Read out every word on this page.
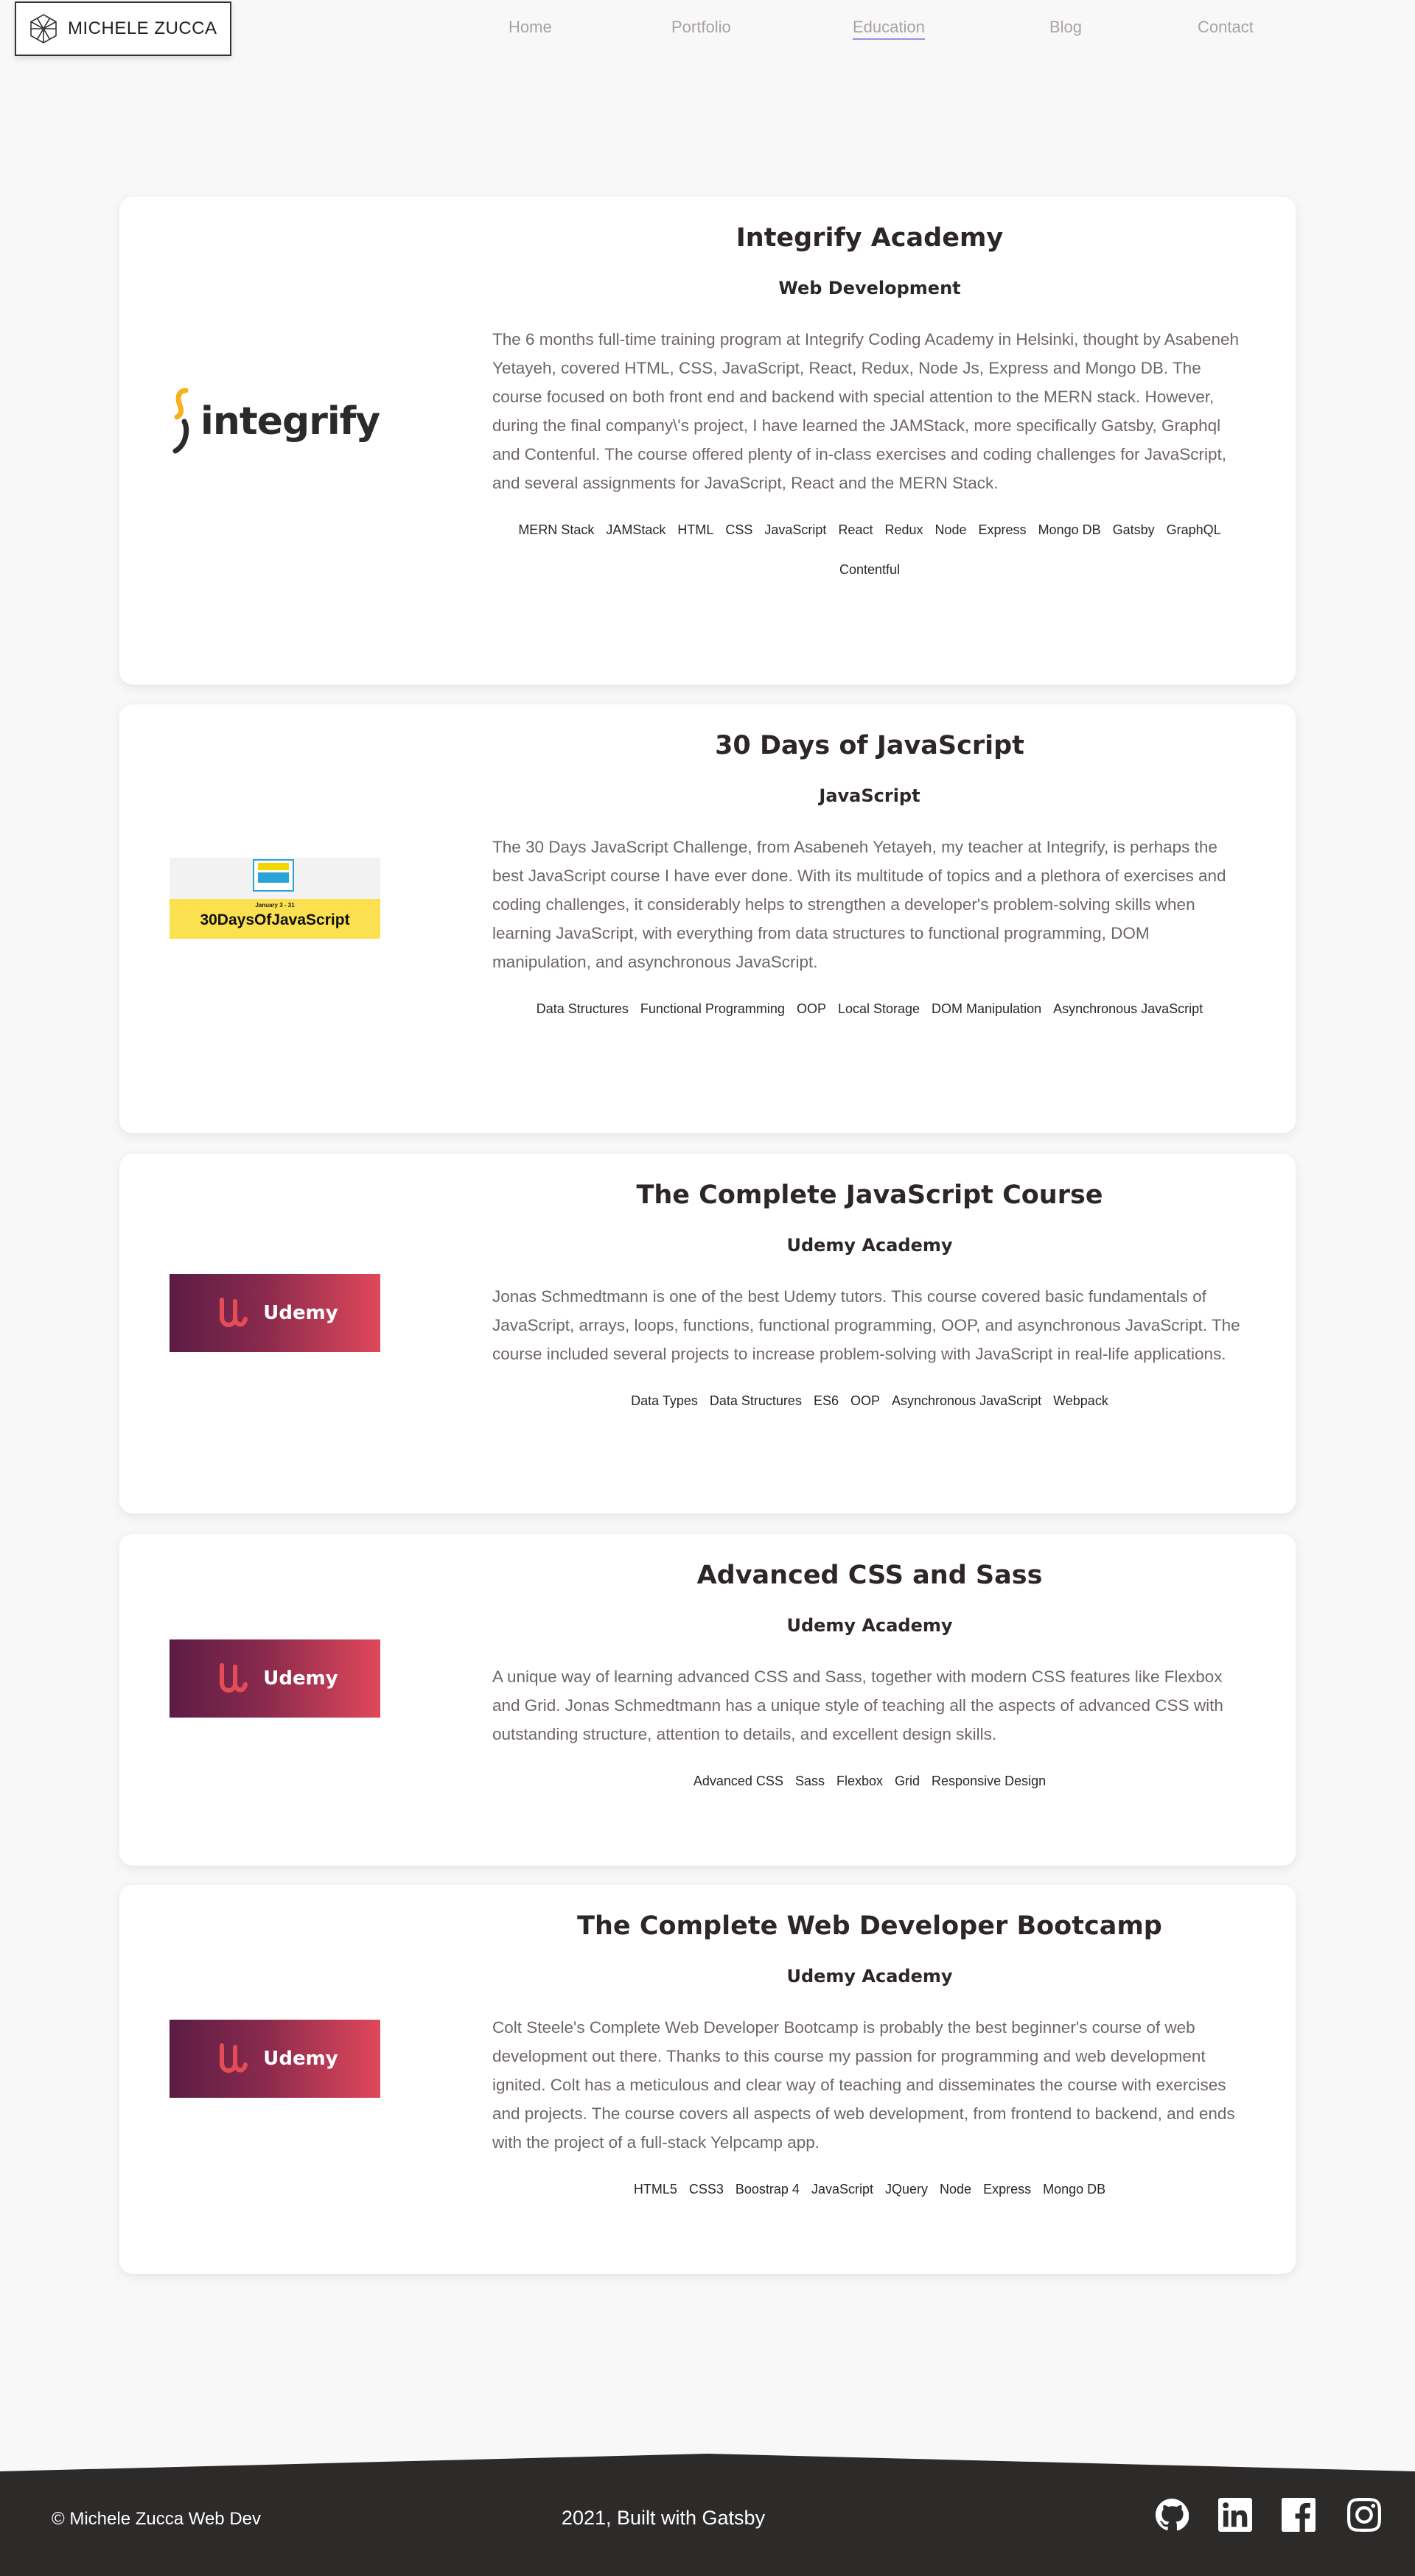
MICHELE ZUCCA	Home	Portfolio	Education	Blog	Contact
integrify
Integrify Academy
Web Development

The 6 months full-time training program at Integrify Coding Academy in Helsinki, thought by Asabeneh Yetayeh, covered HTML, CSS, JavaScript, React, Redux, Node Js, Express and Mongo DB. The course focused on both front end and backend with special attention to the MERN stack. However, during the final company\'s project, I have learned the JAMStack, more specifically Gatsby, Graphql and Contenful. The course offered plenty of in-class exercises and coding challenges for JavaScript, and several assignments for JavaScript, React and the MERN Stack.

MERN Stack JAMStack HTML CSS JavaScript React Redux Node Express Mongo DB Gatsby GraphQL
Contentful
January 3 - 31
30DaysOfJavaScript
30 Days of JavaScript
JavaScript

The 30 Days JavaScript Challenge, from Asabeneh Yetayeh, my teacher at Integrify, is perhaps the best JavaScript course I have ever done. With its multitude of topics and a plethora of exercises and coding challenges, it considerably helps to strengthen a developer's problem-solving skills when learning JavaScript, with everything from data structures to functional programming, DOM manipulation, and asynchronous JavaScript.

Data Structures Functional Programming OOP Local Storage DOM Manipulation Asynchronous JavaScript
Udemy
The Complete JavaScript Course
Udemy Academy

Jonas Schmedtmann is one of the best Udemy tutors. This course covered basic fundamentals of JavaScript, arrays, loops, functions, functional programming, OOP, and asynchronous JavaScript. The course included several projects to increase problem-solving with JavaScript in real-life applications.

Data Types Data Structures ES6 OOP Asynchronous JavaScript Webpack
Udemy
Advanced CSS and Sass
Udemy Academy

A unique way of learning advanced CSS and Sass, together with modern CSS features like Flexbox and Grid. Jonas Schmedtmann has a unique style of teaching all the aspects of advanced CSS with outstanding structure, attention to details, and excellent design skills.

Advanced CSS Sass Flexbox Grid Responsive Design
Udemy
The Complete Web Developer Bootcamp
Udemy Academy

Colt Steele's Complete Web Developer Bootcamp is probably the best beginner's course of web development out there. Thanks to this course my passion for programming and web development ignited. Colt has a meticulous and clear way of teaching and disseminates the course with exercises and projects. The course covers all aspects of web development, from frontend to backend, and ends with the project of a full-stack Yelpcamp app.

HTML5 CSS3 Boostrap 4 JavaScript JQuery Node Express Mongo DB
© Michele Zucca Web Dev	2021, Built with Gatsby
